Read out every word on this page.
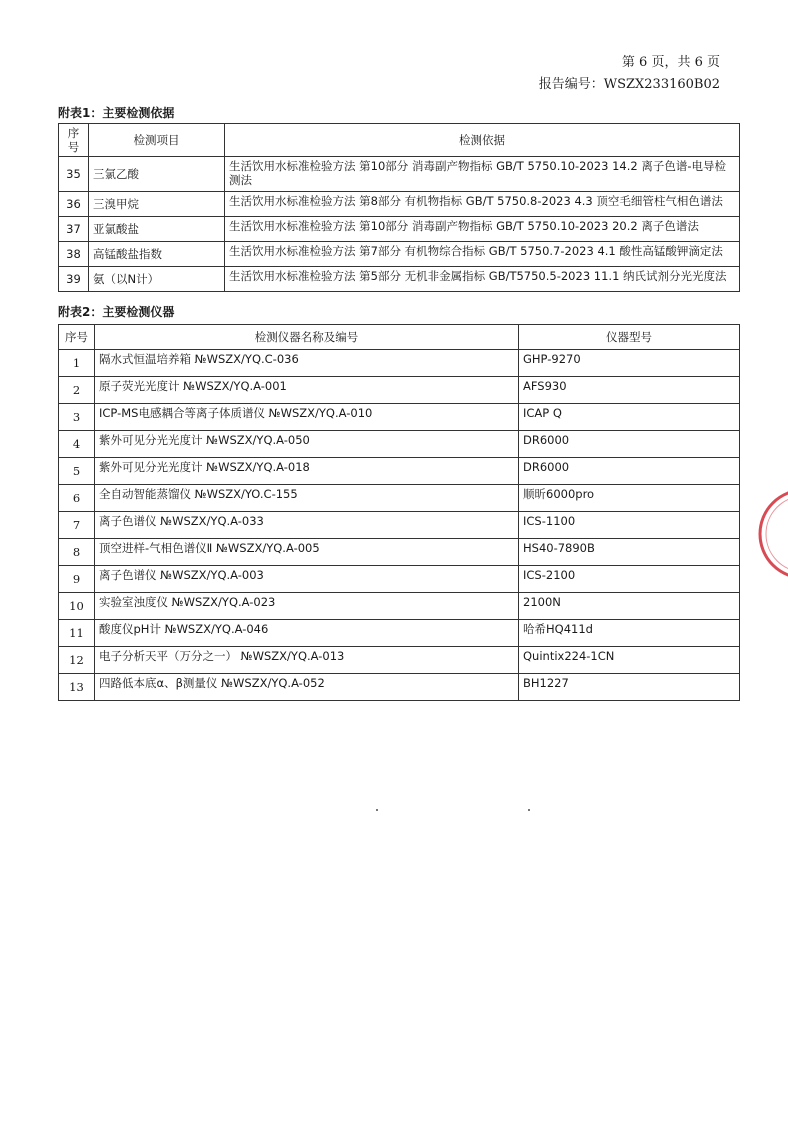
第 6 页，共 6 页
报告编号：WSZX233160B02
附表1：主要检测依据
序号	检测项目	检测依据
35	三氯乙酸	生活饮用水标准检验方法 第10部分 消毒副产物指标 GB/T 5750.10-2023 14.2 离子色谱-电导检测法
36	三溴甲烷	生活饮用水标准检验方法 第8部分 有机物指标 GB/T 5750.8-2023 4.3 顶空毛细管柱气相色谱法
37	亚氯酸盐	生活饮用水标准检验方法 第10部分 消毒副产物指标 GB/T 5750.10-2023 20.2 离子色谱法
38	高锰酸盐指数	生活饮用水标准检验方法 第7部分 有机物综合指标 GB/T 5750.7-2023 4.1 酸性高锰酸钾滴定法
39	氨（以N计）	生活饮用水标准检验方法 第5部分 无机非金属指标 GB/T5750.5-2023 11.1 纳氏试剂分光光度法
附表2：主要检测仪器
序号	检测仪器名称及编号	仪器型号
1	隔水式恒温培养箱 №WSZX/YQ.C-036	GHP-9270
2	原子荧光光度计 №WSZX/YQ.A-001	AFS930
3	ICP-MS电感耦合等离子体质谱仪 №WSZX/YQ.A-010	ICAP Q
4	紫外可见分光光度计 №WSZX/YQ.A-050	DR6000
5	紫外可见分光光度计 №WSZX/YQ.A-018	DR6000
6	全自动智能蒸馏仪 №WSZX/YO.C-155	顺昕6000pro
7	离子色谱仪 №WSZX/YQ.A-033	ICS-1100
8	顶空进样-气相色谱仪Ⅱ №WSZX/YQ.A-005	HS40-7890B
9	离子色谱仪 №WSZX/YQ.A-003	ICS-2100
10	实验室浊度仪 №WSZX/YQ.A-023	2100N
11	酸度仪pH计 №WSZX/YQ.A-046	哈希HQ411d
12	电子分析天平（万分之一） №WSZX/YQ.A-013	Quintix224-1CN
13	四路低本底α、β测量仪 №WSZX/YQ.A-052	BH1227
